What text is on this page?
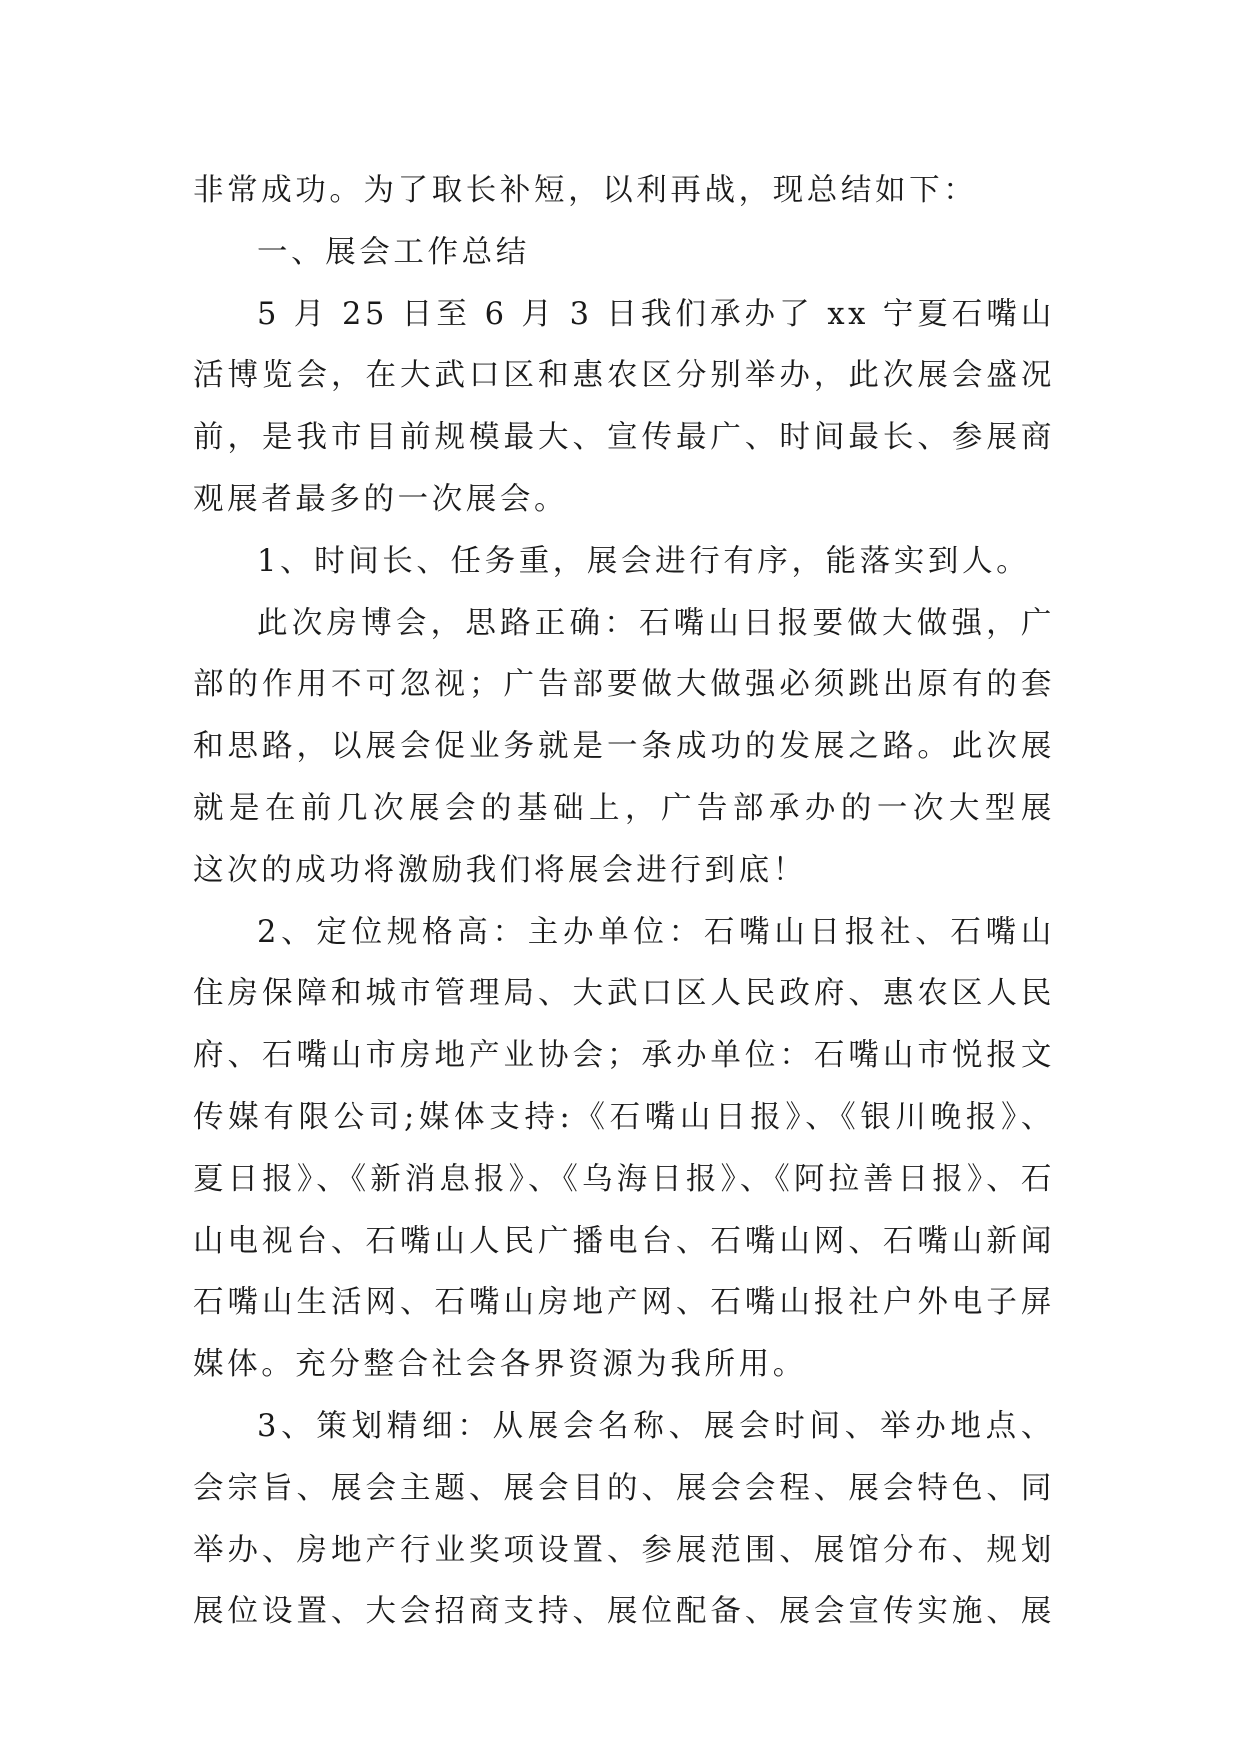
非常成功。为了取长补短，以利再战，现总结如下：
一、展会工作总结
5 月 25 日至 6 月 3 日我们承办了 xx 宁夏石嘴山
活博览会，在大武口区和惠农区分别举办，此次展会盛况
前，是我市目前规模最大、宣传最广、时间最长、参展商
观展者最多的一次展会。
1、时间长、任务重，展会进行有序，能落实到人。
此次房博会，思路正确：石嘴山日报要做大做强，广
部的作用不可忽视；广告部要做大做强必须跳出原有的套
和思路，以展会促业务就是一条成功的发展之路。此次展
就是在前几次展会的基础上，广告部承办的一次大型展
这次的成功将激励我们将展会进行到底！
2、定位规格高：主办单位：石嘴山日报社、石嘴山
住房保障和城市管理局、大武口区人民政府、惠农区人民
府、石嘴山市房地产业协会；承办单位：石嘴山市悦报文
传媒有限公司;媒体支持:《石嘴山日报》、《银川晚报》、
夏日报》、《新消息报》、《乌海日报》、《阿拉善日报》、石
山电视台、石嘴山人民广播电台、石嘴山网、石嘴山新闻
石嘴山生活网、石嘴山房地产网、石嘴山报社户外电子屏
媒体。充分整合社会各界资源为我所用。
3、策划精细：从展会名称、展会时间、举办地点、
会宗旨、展会主题、展会目的、展会会程、展会特色、同
举办、房地产行业奖项设置、参展范围、展馆分布、规划
展位设置、大会招商支持、展位配备、展会宣传实施、展
